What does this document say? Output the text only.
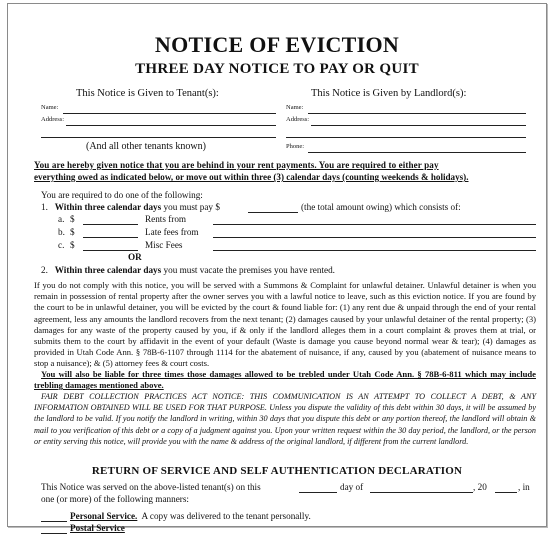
NOTICE OF EVICTION
THREE DAY NOTICE TO PAY OR QUIT
This Notice is Given to Tenant(s):
Name:
Address:
(And all other tenants known)
This Notice is Given by Landlord(s):
Name:
Address:
Phone:
You are hereby given notice that you are behind in your rent payments. You are required to either pay
everything owed as indicated below, or move out within three (3) calendar days (counting weekends & holidays).
You are required to do one of the following:
1. Within three calendar days you must pay $	(the total amount owing) which consists of:
a. $	Rents from
b. $	Late fees from
c. $	Misc Fees
OR
2. Within three calendar days you must vacate the premises you have rented.
If you do not comply with this notice, you will be served with a Summons & Complaint for unlawful detainer. Unlawful detainer is when you remain in possession of rental property after the owner serves you with a lawful notice to leave, such as this eviction notice. If you are found by the court to be in unlawful detainer, you will be evicted by the court & found liable for: (1) any rent due & unpaid through the end of your rental agreement, less any amounts the landlord recovers from the next tenant; (2) damages caused by your unlawful detainer of the rental property; (3) damages for any waste of the property caused by you, if & only if the landlord alleges them in a court complaint & proves them at trial, or submits them to the court by affidavit in the event of your default (Waste is damage you cause beyond normal wear & tear); (4) damages as provided in Utah Code Ann. § 78B-6-1107 through 1114 for the abatement of nuisance, if any, caused by you (abatement of nuisance means to stop a nuisance); & (5) attorney fees & court costs.
You will also be liable for three times those damages allowed to be trebled under Utah Code Ann. § 78B-6-811 which may include trebling damages mentioned above.
FAIR DEBT COLLECTION PRACTICES ACT NOTICE: THIS COMMUNICATION IS AN ATTEMPT TO COLLECT A DEBT, & ANY INFORMATION OBTAINED WILL BE USED FOR THAT PURPOSE. Unless you dispute the validity of this debt within 30 days, it will be assumed by the landlord to be valid. If you notify the landlord in writing, within 30 days that you dispute this debt or any portion thereof, the landlord will obtain & mail to you verification of this debt or a copy of a judgment against you. Upon your written request within the 30 day period, the landlord, or the person or entity serving this notice, will provide you with the name & address of the original landlord, if different from the current landlord.
RETURN OF SERVICE AND SELF AUTHENTICATION DECLARATION
This Notice was served on the above-listed tenant(s) on this	day of	, 20	, in
one (or more) of the following manners:
Personal Service. A copy was delivered to the tenant personally.
Postal Service
